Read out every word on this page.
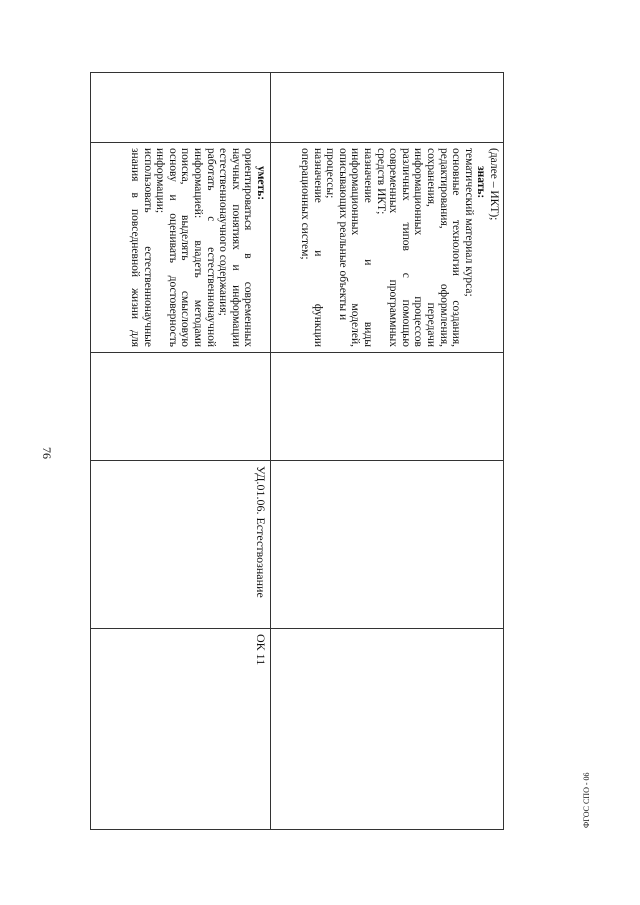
76
(далее – ИКТ);
знать:
тематический материал курса;
основные технологии создания,
редактирования, оформления,
сохранения, передачи
информационных процессов
различных типов с помощью
современных программных
средств ИКТ;
назначение и виды
информационных моделей,
описывающих реальные объекты и
процессы;
назначение и функции
операционных систем;
уметь:
ориентироваться в современных
научных понятиях и информации
естественнонаучного содержания;
работать с естественнонаучной
информацией: владеть методами
поиска, выделять смысловую
основу и оценивать достоверность
информации;
использовать естественнонаучные
знания в повседневной жизни для
УД.01.06. Естествознание
ОК 11
ФГОС СПО - 06
